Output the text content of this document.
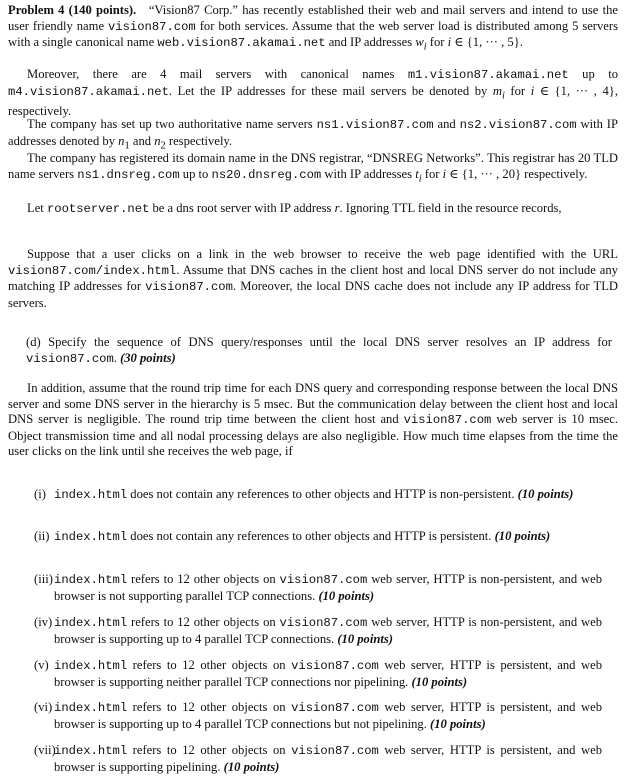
Problem 4 (140 points). “Vision87 Corp.” has recently established their web and mail servers and intend to use the user friendly name vision87.com for both services. Assume that the web server load is distributed among 5 servers with a single canonical name web.vision87.akamai.net and IP addresses $w_i$ for i ∈ {1, ··· , 5}.

Moreover, there are 4 mail servers with canonical names m1.vision87.akamai.net up to m4.vision87.akamai.net. Let the IP addresses for these mail servers be denoted by $m_i$ for i ∈ {1, ··· , 4}, respectively.

The company has set up two authoritative name servers ns1.vision87.com and ns2.vision87.com with IP addresses denoted by $n_1$ and $n_2$ respectively.

The company has registered its domain name in the DNS registrar, “DNSREG Networks”. This registrar has 20 TLD name servers ns1.dnsreg.com up to ns20.dnsreg.com with IP addresses $t_i$ for i ∈ {1, ··· , 20} respectively.

Let rootserver.net be a dns root server with IP address r. Ignoring TTL field in the resource records,

Suppose that a user clicks on a link in the web browser to receive the web page identified with the URL vision87.com/index.html. Assume that DNS caches in the client host and local DNS server do not include any matching IP addresses for vision87.com. Moreover, the local DNS cache does not include any IP address for TLD servers.

(d) Specify the sequence of DNS query/responses until the local DNS server resolves an IP address for vision87.com. (30 points)

In addition, assume that the round trip time for each DNS query and corresponding response between the local DNS server and some DNS server in the hierarchy is 5 msec. But the communication delay between the client host and local DNS server is negligible. The round trip time between the client host and vision87.com web server is 10 msec. Object transmission time and all nodal processing delays are also negligible. How much time elapses from the time the user clicks on the link until she receives the web page, if

(i) index.html does not contain any references to other objects and HTTP is non-persistent. (10 points)

(ii) index.html does not contain any references to other objects and HTTP is persistent. (10 points)

(iii) index.html refers to 12 other objects on vision87.com web server, HTTP is non-persistent, and web browser is not supporting parallel TCP connections. (10 points)

(iv) index.html refers to 12 other objects on vision87.com web server, HTTP is non-persistent, and web browser is supporting up to 4 parallel TCP connections. (10 points)

(v) index.html refers to 12 other objects on vision87.com web server, HTTP is persistent, and web browser is supporting neither parallel TCP connections nor pipelining. (10 points)

(vi) index.html refers to 12 other objects on vision87.com web server, HTTP is persistent, and web browser is supporting up to 4 parallel TCP connections but not pipelining. (10 points)

(vii)
index.html refers to 12 other objects on vision87.com web server, HTTP is persistent, and web browser is supporting pipelining. (10 points)
